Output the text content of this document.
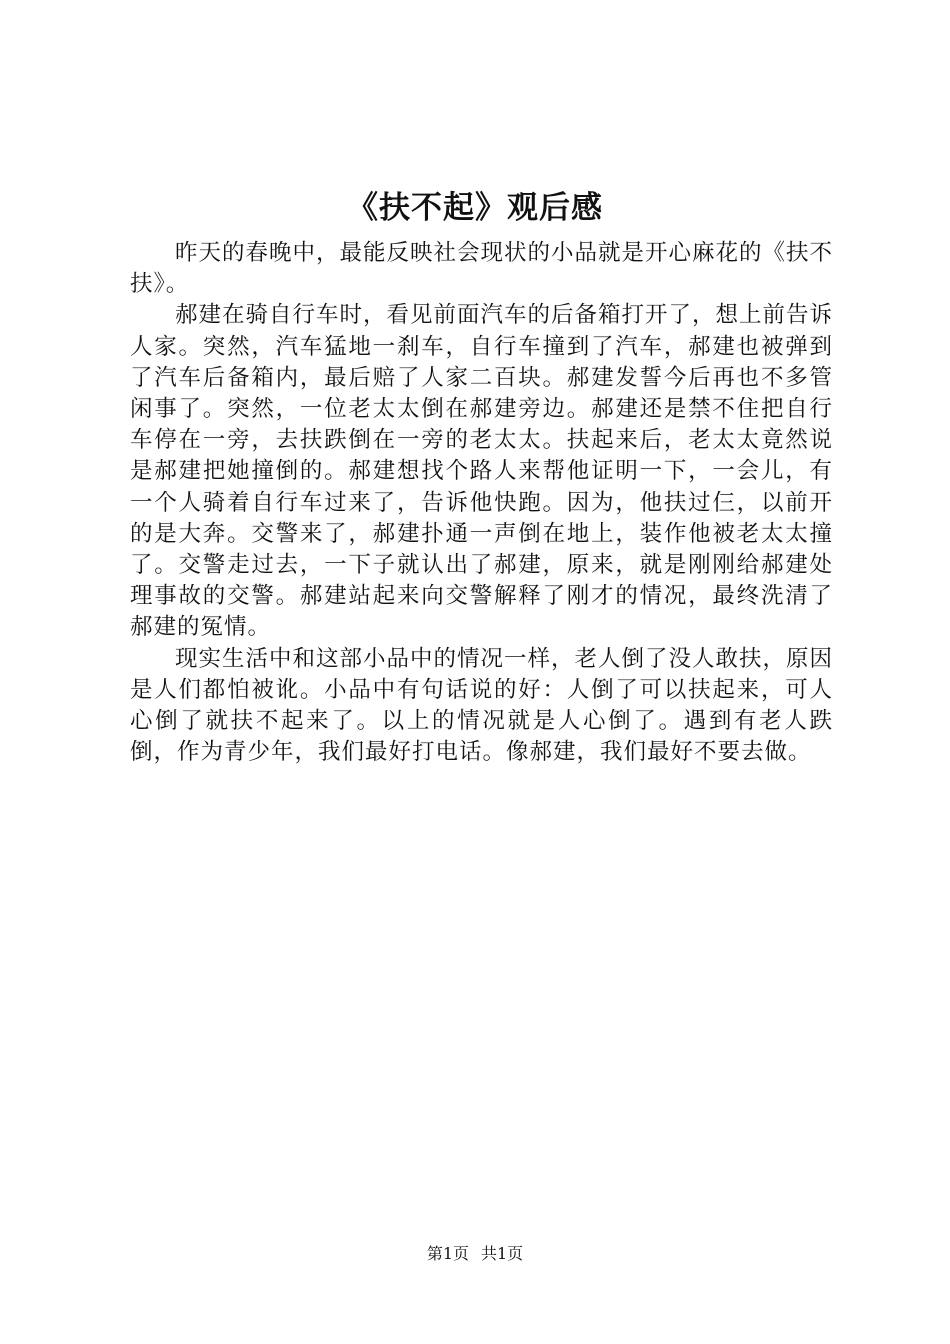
《扶不起》观后感

昨天的春晚中，最能反映社会现状的小品就是开心麻花的《扶不扶》。

郝建在骑自行车时，看见前面汽车的后备箱打开了，想上前告诉人家。突然，汽车猛地一刹车，自行车撞到了汽车，郝建也被弹到了汽车后备箱内，最后赔了人家二百块。郝建发誓今后再也不多管闲事了。突然，一位老太太倒在郝建旁边。郝建还是禁不住把自行车停在一旁，去扶跌倒在一旁的老太太。扶起来后，老太太竟然说是郝建把她撞倒的。郝建想找个路人来帮他证明一下，一会儿，有一个人骑着自行车过来了，告诉他快跑。因为，他扶过仨，以前开的是大奔。交警来了，郝建扑通一声倒在地上，装作他被老太太撞了。交警走过去，一下子就认出了郝建，原来，就是刚刚给郝建处理事故的交警。郝建站起来向交警解释了刚才的情况，最终洗清了郝建的冤情。

现实生活中和这部小品中的情况一样，老人倒了没人敢扶，原因是人们都怕被讹。小品中有句话说的好：人倒了可以扶起来，可人心倒了就扶不起来了。以上的情况就是人心倒了。遇到有老人跌倒，作为青少年，我们最好打电话。像郝建，我们最好不要去做。

第1页 共1页
